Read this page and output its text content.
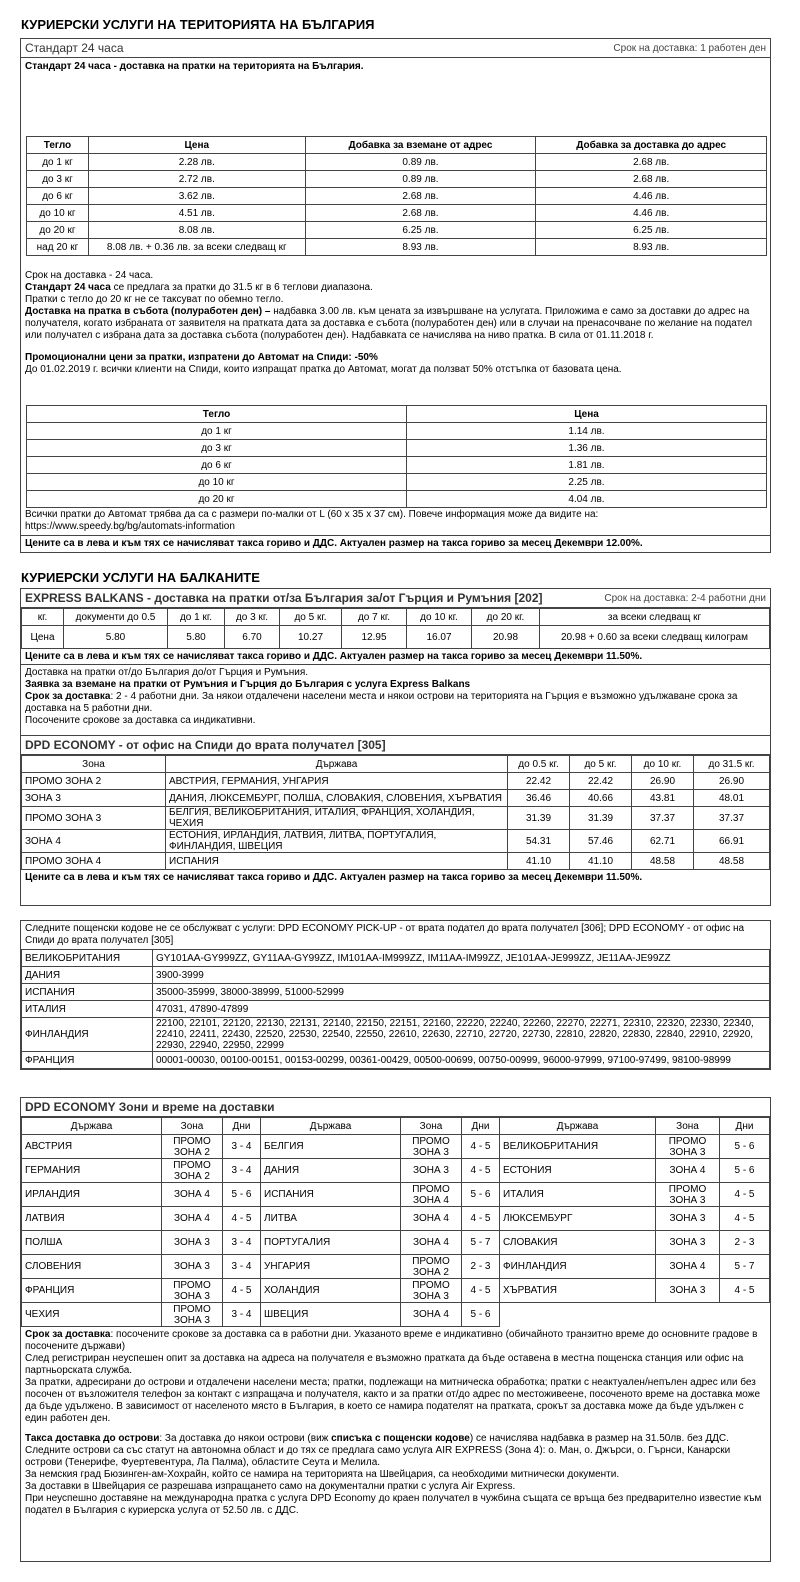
КУРИЕРСКИ УСЛУГИ НА ТЕРИТОРИЯТА НА БЪЛГАРИЯ
Стандарт 24 часа	Срок на доставка: 1 работен ден
Стандарт 24 часа - доставка на пратки на територията на България.
Тегло	Цена	Добавка за вземане от адрес	Добавка за доставка до адрес
до 1 кг	2.28 лв.	0.89 лв.	2.68 лв.
до 3 кг	2.72 лв.	0.89 лв.	2.68 лв.
до 6 кг	3.62 лв.	2.68 лв.	4.46 лв.
до 10 кг	4.51 лв.	2.68 лв.	4.46 лв.
до 20 кг	8.08 лв.	6.25 лв.	6.25 лв.
над 20 кг	8.08 лв. + 0.36 лв. за всеки следващ кг	8.93 лв.	8.93 лв.

Срок на доставка - 24 часа.

Стандарт 24 часа се предлага за пратки до 31.5 кг в 6 теглови диапазона.

Пратки с тегло до 20 кг не се таксуват по обемно тегло.

Доставка на пратка в събота (полуработен ден) – надбавка 3.00 лв. към цената за извършване на услугата. Приложима е само за доставки до адрес на получателя, когато избраната от заявителя на пратката дата за доставка е събота (полуработен ден) или в случаи на пренасочване по желание на подател или получател с избрана дата за доставка събота (полуработен ден). Надбавката се начислява на ниво пратка. В сила от 01.11.2018 г.

Промоционални цени за пратки, изпратени до Автомат на Спиди: -50%

До 01.02.2019 г. всички клиенти на Спиди, които изпращат пратка до Автомат, могат да ползват 50% отстъпка от базовата цена.

Тегло	Цена
до 1 кг	1.14 лв.
до 3 кг	1.36 лв.
до 6 кг	1.81 лв.
до 10 кг	2.25 лв.
до 20 кг	4.04 лв.

Всички пратки до Автомат трябва да са с размери по-малки от L (60 х 35 х 37 см). Повече информация може да видите на:

https://www.speedy.bg/bg/automats-information

Цените са в лева и към тях се начисляват такса гориво и ДДС. Актуален размер на такса гориво за месец Декември 12.00%.
КУРИЕРСКИ УСЛУГИ НА БАЛКАНИТЕ
EXPRESS BALKANS - доставка на пратки от/за България за/от Гърция и Румъния [202]	Срок на доставка: 2-4 работни дни
кг.	документи до 0.5	до 1 кг.	до 3 кг.	до 5 кг.	до 7 кг.	до 10 кг.	до 20 кг.	за всеки следващ кг
Цена	5.80	5.80	6.70	10.27	12.95	16.07	20.98	20.98 + 0.60 за всеки следващ килограм
Цените са в лева и към тях се начисляват такса гориво и ДДС. Актуален размер на такса гориво за месец Декември 11.50%.

Доставка на пратки от/до България до/от Гърция и Румъния.

Заявка за вземане на пратки от Румъния и Гърция до България с услуга Express Balkans

Срок за доставка: 2 - 4 работни дни. За някои отдалечени населени места и някои острови на територията на Гърция е възможно удължаване срока за доставка на 5 работни дни.

Посочените срокове за доставка са индикативни.

DPD ECONOMY - от офис на Спиди до врата получател [305]
Зона	Държава	до 0.5 кг.	до 5 кг.	до 10 кг.	до 31.5 кг.
ПРОМО ЗОНА 2	АВСТРИЯ, ГЕРМАНИЯ, УНГАРИЯ	22.42	22.42	26.90	26.90
ЗОНА 3	ДАНИЯ, ЛЮКСЕМБУРГ, ПОЛША, СЛОВАКИЯ, СЛОВЕНИЯ, ХЪРВАТИЯ	36.46	40.66	43.81	48.01
ПРОМО ЗОНА 3	БЕЛГИЯ, ВЕЛИКОБРИТАНИЯ, ИТАЛИЯ, ФРАНЦИЯ, ХОЛАНДИЯ, ЧЕХИЯ	31.39	31.39	37.37	37.37
ЗОНА 4	ЕСТОНИЯ, ИРЛАНДИЯ, ЛАТВИЯ, ЛИТВА, ПОРТУГАЛИЯ, ФИНЛАНДИЯ, ШВЕЦИЯ	54.31	57.46	62.71	66.91
ПРОМО ЗОНА 4	ИСПАНИЯ	41.10	41.10	48.58	48.58
Цените са в лева и към тях се начисляват такса гориво и ДДС. Актуален размер на такса гориво за месец Декември 11.50%.
Следните пощенски кодове не се обслужват с услуги: DPD ECONOMY PICK-UP - от врата подател до врата получател [306]; DPD ECONOMY - от офис на Спиди до врата получател [305]
ВЕЛИКОБРИТАНИЯ	GY101AA-GY999ZZ, GY11AA-GY99ZZ, IM101AA-IM999ZZ, IM11AA-IM99ZZ, JE101AA-JE999ZZ, JE11AA-JE99ZZ
ДАНИЯ	3900-3999
ИСПАНИЯ	35000-35999, 38000-38999, 51000-52999
ИТАЛИЯ	47031, 47890-47899
ФИНЛАНДИЯ	22100, 22101, 22120, 22130, 22131, 22140, 22150, 22151, 22160, 22220, 22240, 22260, 22270, 22271, 22310, 22320, 22330, 22340, 22410, 22411, 22430, 22520, 22530, 22540, 22550, 22610, 22630, 22710, 22720, 22730, 22810, 22820, 22830, 22840, 22910, 22920, 22930, 22940, 22950, 22999
ФРАНЦИЯ	00001-00030, 00100-00151, 00153-00299, 00361-00429, 00500-00699, 00750-00999, 96000-97999, 97100-97499, 98100-98999
DPD ECONOMY Зони и време на доставки
Държава	Зона	Дни	Държава	Зона	Дни	Държава	Зона	Дни
АВСТРИЯ	ПРОМО ЗОНА 2	3 - 4	БЕЛГИЯ	ПРОМО ЗОНА 3	4 - 5	ВЕЛИКОБРИТАНИЯ	ПРОМО ЗОНА 3	5 - 6
ГЕРМАНИЯ	ПРОМО ЗОНА 2	3 - 4	ДАНИЯ	ЗОНА 3	4 - 5	ЕСТОНИЯ	ЗОНА 4	5 - 6
ИРЛАНДИЯ	ЗОНА 4	5 - 6	ИСПАНИЯ	ПРОМО ЗОНА 4	5 - 6	ИТАЛИЯ	ПРОМО ЗОНА 3	4 - 5
ЛАТВИЯ	ЗОНА 4	4 - 5	ЛИТВА	ЗОНА 4	4 - 5	ЛЮКСЕМБУРГ	ЗОНА 3	4 - 5
ПОЛША	ЗОНА 3	3 - 4	ПОРТУГАЛИЯ	ЗОНА 4	5 - 7	СЛОВАКИЯ	ЗОНА 3	2 - 3
СЛОВЕНИЯ	ЗОНА 3	3 - 4	УНГАРИЯ	ПРОМО ЗОНА 2	2 - 3	ФИНЛАНДИЯ	ЗОНА 4	5 - 7
ФРАНЦИЯ	ПРОМО ЗОНА 3	4 - 5	ХОЛАНДИЯ	ПРОМО ЗОНА 3	4 - 5	ХЪРВАТИЯ	ЗОНА 3	4 - 5
ЧЕХИЯ	ПРОМО ЗОНА 3	3 - 4	ШВЕЦИЯ	ЗОНА 4	5 - 6			

Срок за доставка: посочените срокове за доставка са в работни дни. Указаното време е индикативно (обичайното транзитно време до основните градове в посочените държави)

След регистриран неуспешен опит за доставка на адреса на получателя е възможно пратката да бъде оставена в местна пощенска станция или офис на партньорската служба.

За пратки, адресирани до острови и отдалечени населени места; пратки, подлежащи на митническа обработка; пратки с неактуален/непълен адрес или без посочен от възложителя телефон за контакт с изпращача и получателя, както и за пратки от/до адрес по местоживеене, посоченото време на доставка може да бъде удължено. В зависимост от населеното място в България, в което се намира подателят на пратката, срокът за доставка може да бъде удължен с един работен ден.

Такса доставка до острови: За доставка до някои острови (виж списъка с пощенски кодове) се начислява надбавка в размер на 31.50лв. без ДДС.

Следните острови са със статут на автономна област и до тях се предлага само услуга AIR EXPRESS (Зона 4): о. Ман, о. Джърси, о. Гърнси, Канарски острови (Тенерифе, Фуертевентура, Ла Палма), областите Сеута и Мелила.

За немския град Бюзинген-ам-Хохрайн, който се намира на територията на Швейцария, са необходими митнически документи.

За доставки в Швейцария се разрешава изпращането само на документални пратки с услуга Air Express.

При неуспешно доставяне на международна пратка с услуга DPD Economy до краен получател в чужбина същата се връща без предварително известие към подател в България с куриерска услуга от 52.50 лв. с ДДС.
